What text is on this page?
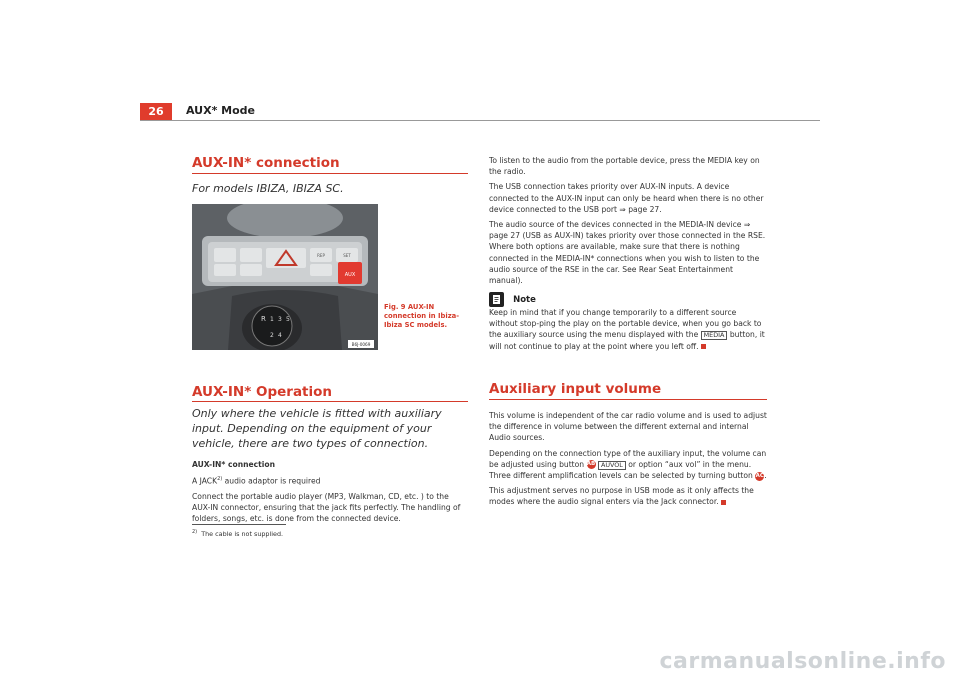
26	AUX* Mode
AUX-IN* connection
For models IBIZA, IBIZA SC.
AUX
REP	SET
R 1 3 5
2 4
B6J-0069
Fig. 9 AUX-IN connection in Ibiza- Ibiza SC models.
AUX-IN* Operation
Only where the vehicle is fitted with auxiliary input. Depending on the equipment of your vehicle, there are two types of connection.

AUX-IN* connection

A JACK$^{2)}$ audio adaptor is required

Connect the portable audio player (MP3, Walkman, CD, etc. ) to the AUX-IN connector, ensuring that the jack fits perfectly. The handling of folders, songs, etc. is done from the connected device.

$^{2)}$ The cable is not supplied.

To listen to the audio from the portable device, press the MEDIA key on the radio.

The USB connection takes priority over AUX-IN inputs. A device connected to the AUX-IN input can only be heard when there is no other device connected to the USB port ⇒ page 27.

The audio source of the devices connected in the MEDIA-IN device ⇒ page 27 (USB as AUX-IN) takes priority over those connected in the RSE. Where both options are available, make sure that there is nothing connected in the MEDIA-IN* connections when you wish to listen to the audio source of the RSE in the car. See Rear Seat Entertainment manual).

Note

Keep in mind that if you change temporarily to a different source without stop-ping the play on the portable device, when you go back to the auxiliary source using the menu displayed with the MEDIA button, it will not continue to play at the point where you left off.

Auxiliary input volume

This volume is independent of the car radio volume and is used to adjust the difference in volume between the different external and internal Audio sources.

Depending on the connection type of the auxiliary input, the volume can be adjusted using button AB AUVOL or option “aux vol” in the menu. Three different amplification levels can be selected by turning button AC.

This adjustment serves no purpose in USB mode as it only affects the modes where the audio signal enters via the Jack connector.

carmanualsonline.info
